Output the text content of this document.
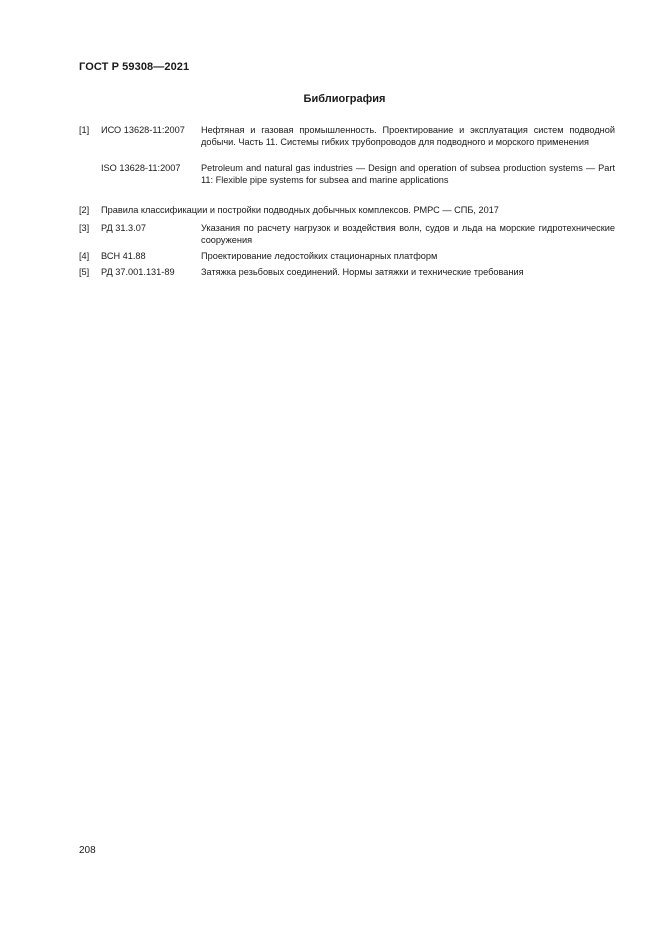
ГОСТ Р 59308—2021
Библиография
[1] ИСО 13628-11:2007 Нефтяная и газовая промышленность. Проектирование и эксплуатация систем подводной добычи. Часть 11. Системы гибких трубопроводов для подводного и морского применения
ISO 13628-11:2007 Petroleum and natural gas industries — Design and operation of subsea production systems — Part 11: Flexible pipe systems for subsea and marine applications
[2] Правила классификации и постройки подводных добычных комплексов. РМРС — СПБ, 2017
[3] РД 31.3.07	Указания по расчету нагрузок и воздействия волн, судов и льда на морские гидротехнические сооружения
[4] ВСН 41.88	Проектирование ледостойких стационарных платформ
[5] РД 37.001.131-89	Затяжка резьбовых соединений. Нормы затяжки и технические требования
208
